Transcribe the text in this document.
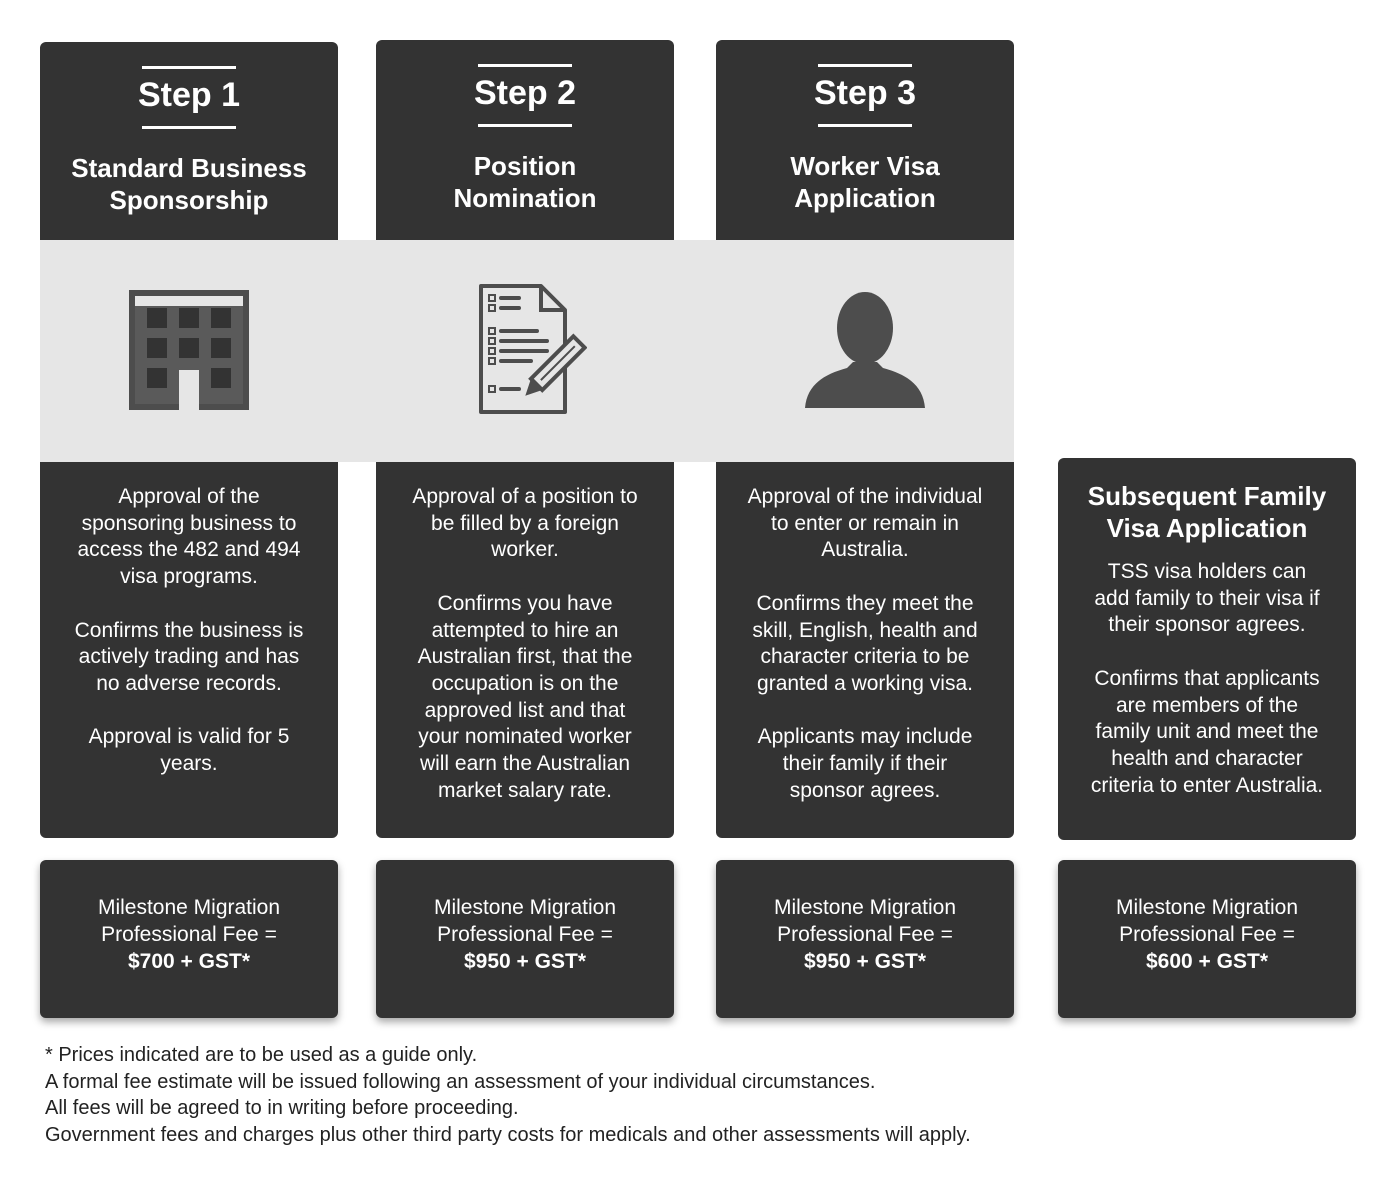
Step 1
Standard Business
Sponsorship
Step 2
Position
Nomination
Step 3
Worker Visa
Application
Approval of the
sponsoring business to
access the 482 and 494
visa programs.

Confirms the business is
actively trading and has
no adverse records.

Approval is valid for 5
years.
Approval of a position to
be filled by a foreign
worker.

Confirms you have
attempted to hire an
Australian first, that the
occupation is on the
approved list and that
your nominated worker
will earn the Australian
market salary rate.
Approval of the individual
to enter or remain in
Australia.

Confirms they meet the
skill, English, health and
character criteria to be
granted a working visa.

Applicants may include
their family if their
sponsor agrees.
Subsequent Family
Visa Application
TSS visa holders can
add family to their visa if
their sponsor agrees.

Confirms that applicants
are members of the
family unit and meet the
health and character
criteria to enter Australia.
Milestone Migration
Professional Fee =
$700 + GST*
Milestone Migration
Professional Fee =
$950 + GST*
Milestone Migration
Professional Fee =
$950 + GST*
Milestone Migration
Professional Fee =
$600 + GST*
* Prices indicated are to be used as a guide only.
A formal fee estimate will be issued following an assessment of your individual circumstances.
All fees will be agreed to in writing before proceeding.
Government fees and charges plus other third party costs for medicals and other assessments will apply.
